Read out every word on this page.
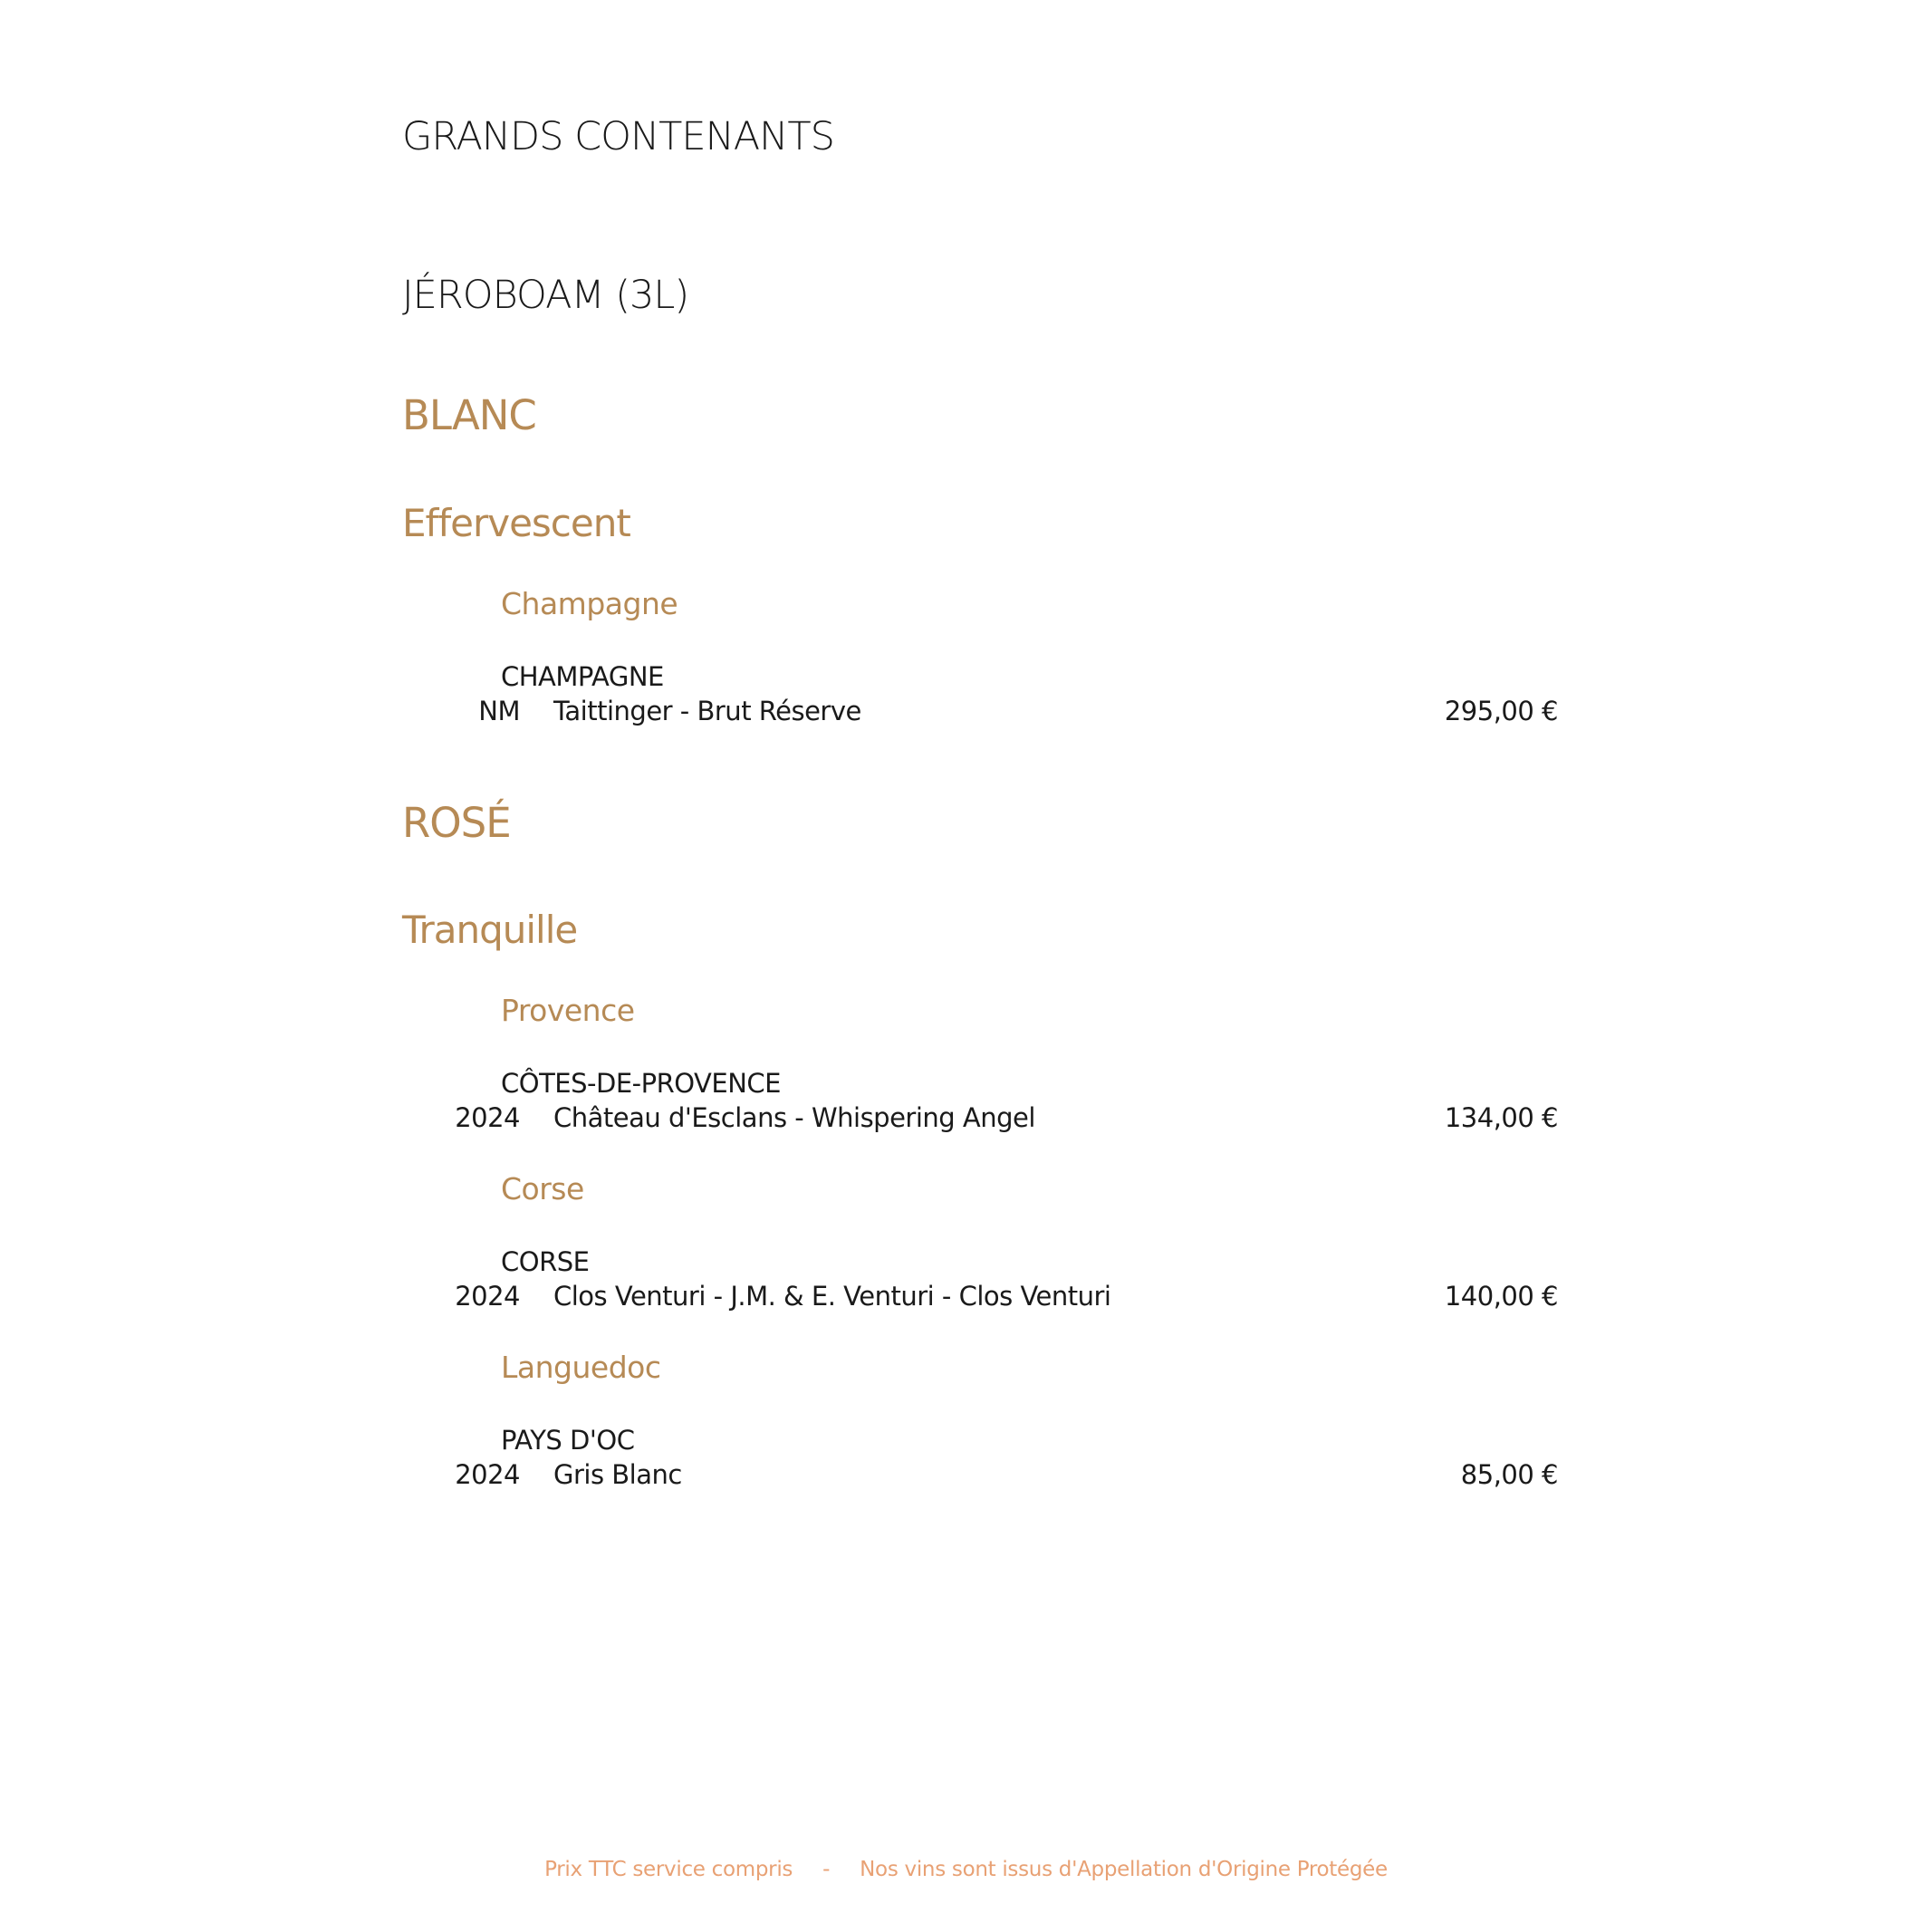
GRANDS CONTENANTS
JÉROBOAM (3L)
BLANC
Effervescent
Champagne
CHAMPAGNE
NM Taittinger - Brut Réserve	295,00 €
ROSÉ
Tranquille
Provence
CÔTES-DE-PROVENCE
2024 Château d'Esclans - Whispering Angel	134,00 €
Corse
CORSE
2024 Clos Venturi - J.M. & E. Venturi - Clos Venturi	140,00 €
Languedoc
PAYS D'OC
2024 Gris Blanc	85,00 €
Prix TTC service compris - Nos vins sont issus d'Appellation d'Origine Protégée
